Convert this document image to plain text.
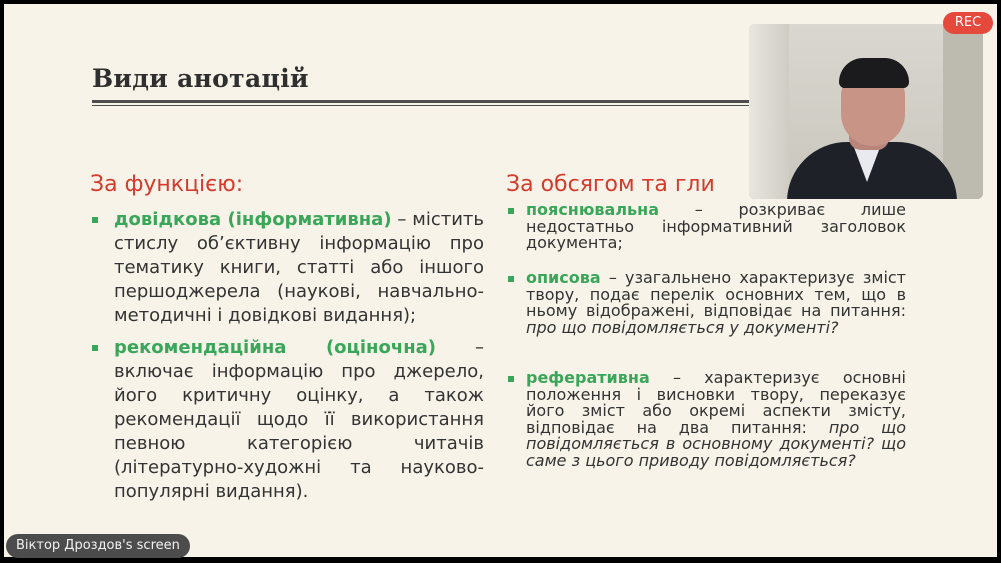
Види анотацій
За функцією:
довідкова (інформативна) – містить стислу об’єктивну інформацію про тематику книги, статті або іншого першоджерела (наукові, навчально-методичні і довідкові видання);
рекомендаційна (оціночна) – включає інформацію про джерело, його критичну оцінку, а також рекомендації щодо її використання певною категорією читачів (літературно-художні та науково-популярні видання).
За обсягом та гли
пояснювальна – розкриває лише недостатньо інформативний заголовок документа;
описова – узагальнено характеризує зміст твору, подає перелік основних тем, що в ньому відображені, відповідає на питання: про що повідомляється у документі?
реферативна – характеризує основні положення і висновки твору, переказує його зміст або окремі аспекти змісту, відповідає на два питання: про що повідомляється в основному документі? що саме з цього приводу повідомляється?
REC
Віктор Дроздов's screen
